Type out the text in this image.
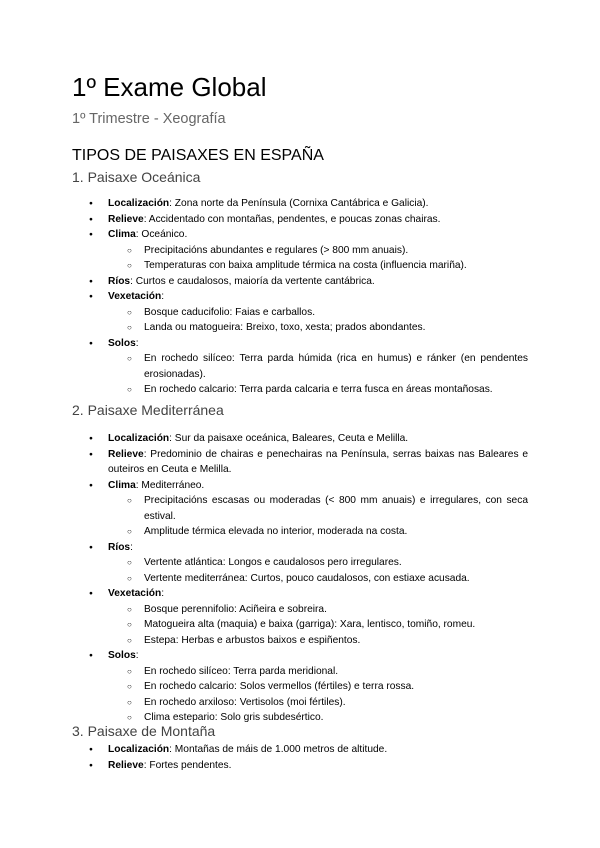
1º Exame Global

1º Trimestre - Xeografía

TIPOS DE PAISAXES EN ESPAÑA
1. Paisaxe Oceánica
● Localización: Zona norte da Península (Cornixa Cantábrica e Galicia).
● Relieve: Accidentado con montañas, pendentes, e poucas zonas chairas.
● Clima: Oceánico.
○ Precipitacións abundantes e regulares (> 800 mm anuais).
○ Temperaturas con baixa amplitude térmica na costa (influencia mariña).
● Ríos: Curtos e caudalosos, maioría da vertente cantábrica.
● Vexetación:
○ Bosque caducifolio: Faias e carballos.
○ Landa ou matogueira: Breixo, toxo, xesta; prados abondantes.
● Solos:
○ En rochedo silíceo: Terra parda húmida (rica en humus) e ránker (en pendentes erosionadas).
○ En rochedo calcario: Terra parda calcaria e terra fusca en áreas montañosas.
2. Paisaxe Mediterránea
● Localización: Sur da paisaxe oceánica, Baleares, Ceuta e Melilla.
● Relieve: Predominio de chairas e penechairas na Península, serras baixas nas Baleares e outeiros en Ceuta e Melilla.
● Clima: Mediterráneo.
○ Precipitacións escasas ou moderadas (< 800 mm anuais) e irregulares, con seca estival.
○ Amplitude térmica elevada no interior, moderada na costa.
● Ríos:
○ Vertente atlántica: Longos e caudalosos pero irregulares.
○ Vertente mediterránea: Curtos, pouco caudalosos, con estiaxe acusada.
● Vexetación:
○ Bosque perennifolio: Aciñeira e sobreira.
○ Matogueira alta (maquia) e baixa (garriga): Xara, lentisco, tomiño, romeu.
○ Estepa: Herbas e arbustos baixos e espiñentos.
● Solos:
○ En rochedo silíceo: Terra parda meridional.
○ En rochedo calcario: Solos vermellos (fértiles) e terra rossa.
○ En rochedo arxiloso: Vertisolos (moi fértiles).
○ Clima estepario: Solo gris subdesértico.
3. Paisaxe de Montaña
● Localización: Montañas de máis de 1.000 metros de altitude.
● Relieve: Fortes pendentes.
